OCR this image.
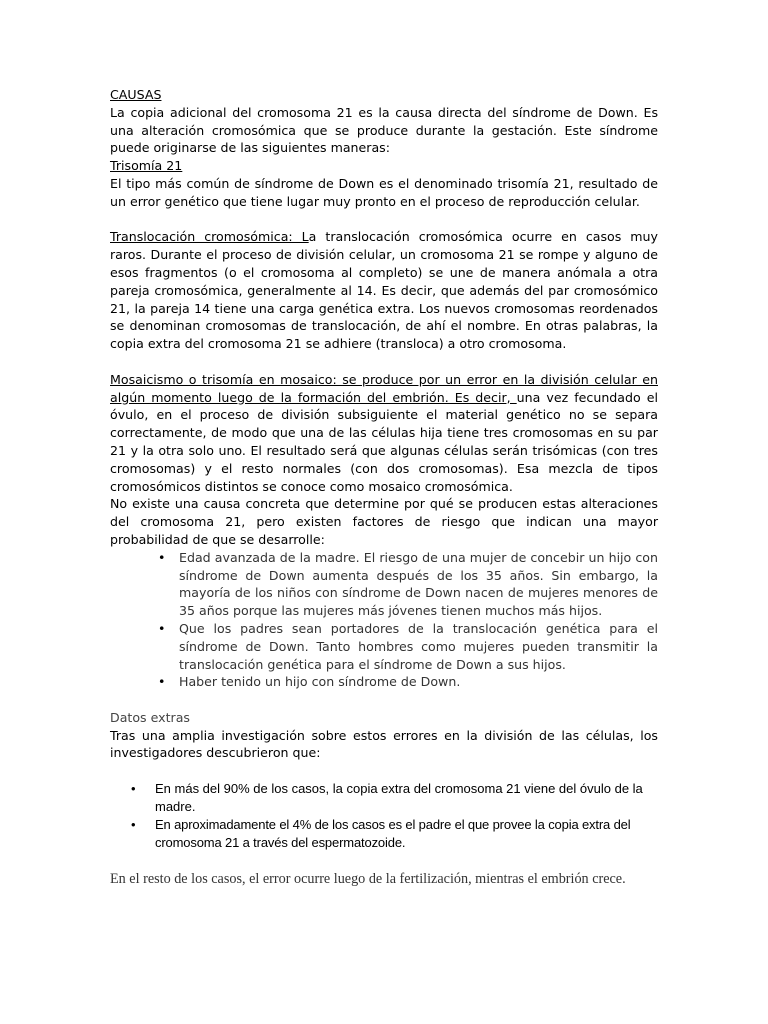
CAUSAS

La copia adicional del cromosoma 21 es la causa directa del síndrome de Down. Es una alteración cromosómica que se produce durante la gestación. Este síndrome puede originarse de las siguientes maneras:

Trisomía 21

El tipo más común de síndrome de Down es el denominado trisomía 21, resultado de un error genético que tiene lugar muy pronto en el proceso de reproducción celular.

Translocación cromosómica: La translocación cromosómica ocurre en casos muy raros. Durante el proceso de división celular, un cromosoma 21 se rompe y alguno de esos fragmentos (o el cromosoma al completo) se une de manera anómala a otra pareja cromosómica, generalmente al 14. Es decir, que además del par cromosómico 21, la pareja 14 tiene una carga genética extra. Los nuevos cromosomas reordenados se denominan cromosomas de translocación, de ahí el nombre. En otras palabras, la copia extra del cromosoma 21 se adhiere (transloca) a otro cromosoma.

Mosaicismo o trisomía en mosaico: se produce por un error en la división celular en algún momento luego de la formación del embrión. Es decir, una vez fecundado el óvulo, en el proceso de división subsiguiente el material genético no se separa correctamente, de modo que una de las células hija tiene tres cromosomas en su par 21 y la otra solo uno. El resultado será que algunas células serán trisómicas (con tres cromosomas) y el resto normales (con dos cromosomas). Esa mezcla de tipos cromosómicos distintos se conoce como mosaico cromosómica.

No existe una causa concreta que determine por qué se producen estas alteraciones del cromosoma 21, pero existen factores de riesgo que indican una mayor probabilidad de que se desarrolle:

• Edad avanzada de la madre. El riesgo de una mujer de concebir un hijo con síndrome de Down aumenta después de los 35 años. Sin embargo, la mayoría de los niños con síndrome de Down nacen de mujeres menores de 35 años porque las mujeres más jóvenes tienen muchos más hijos.
• Que los padres sean portadores de la translocación genética para el síndrome de Down. Tanto hombres como mujeres pueden transmitir la translocación genética para el síndrome de Down a sus hijos.
• Haber tenido un hijo con síndrome de Down.

Datos extras

Tras una amplia investigación sobre estos errores en la división de las células, los investigadores descubrieron que:

• En más del 90% de los casos, la copia extra del cromosoma 21 viene del óvulo de la madre.
• En aproximadamente el 4% de los casos es el padre el que provee la copia extra del cromosoma 21 a través del espermatozoide.

En el resto de los casos, el error ocurre luego de la fertilización, mientras el embrión crece.
